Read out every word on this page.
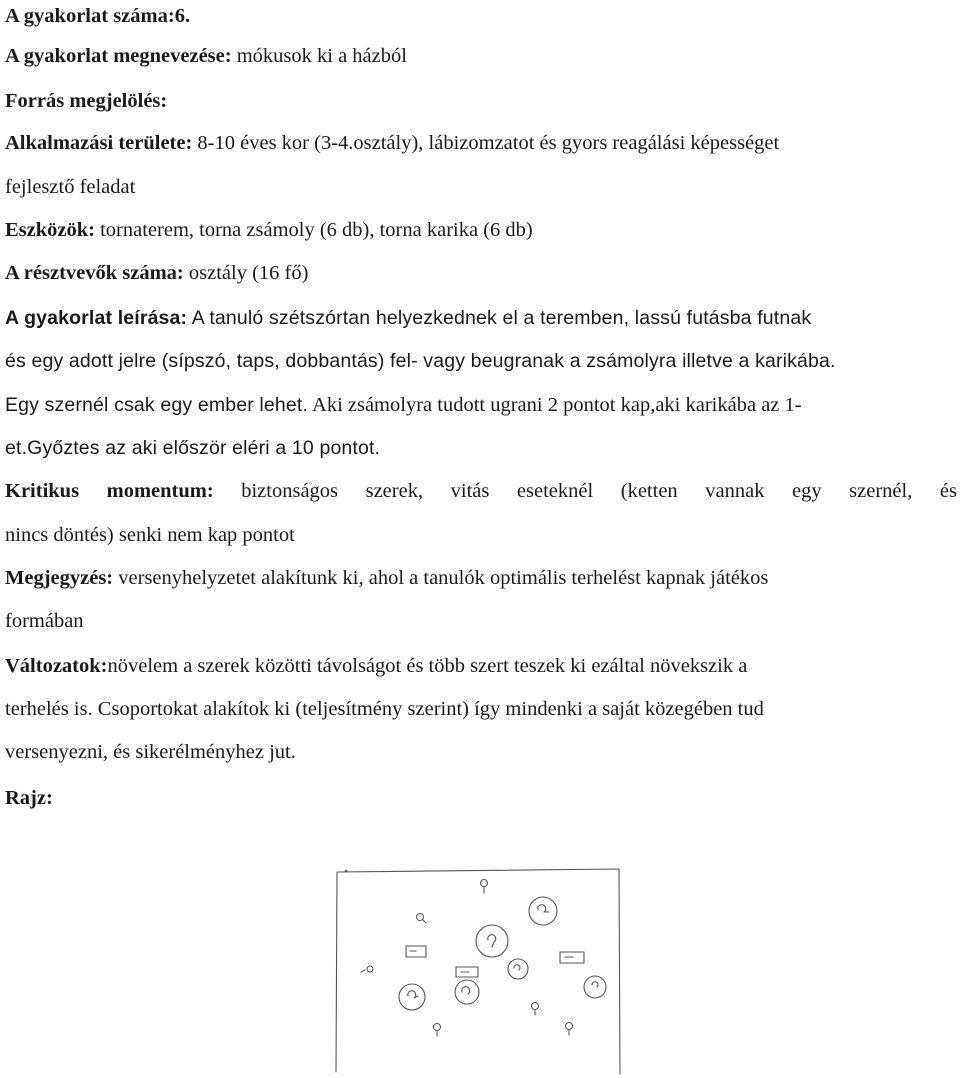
A gyakorlat száma:6.
A gyakorlat megnevezése: mókusok ki a házból
Forrás megjelölés:
Alkalmazási területe: 8-10 éves kor (3-4.osztály), lábizomzatot és gyors reagálási képességet
fejlesztő feladat
Eszközök: tornaterem, torna zsámoly (6 db), torna karika (6 db)
A résztvevők száma: osztály (16 fő)
A gyakorlat leírása: A tanuló szétszórtan helyezkednek el a teremben, lassú futásba futnak
és egy adott jelre (sípszó, taps, dobbantás) fel- vagy beugranak a zsámolyra illetve a karikába.
Egy szernél csak egy ember lehet. Aki zsámolyra tudott ugrani 2 pontot kap,aki karikába az 1-
et.Győztes az aki először eléri a 10 pontot.
Kritikus momentum: biztonságos szerek, vitás eseteknél (ketten vannak egy szernél, és
nincs döntés) senki nem kap pontot
Megjegyzés: versenyhelyzetet alakítunk ki, ahol a tanulók optimális terhelést kapnak játékos
formában
Változatok:növelem a szerek közötti távolságot és több szert teszek ki ezáltal növekszik a
terhelés is. Csoportokat alakítok ki (teljesítmény szerint) így mindenki a saját közegében tud
versenyezni, és sikerélményhez jut.
Rajz:
